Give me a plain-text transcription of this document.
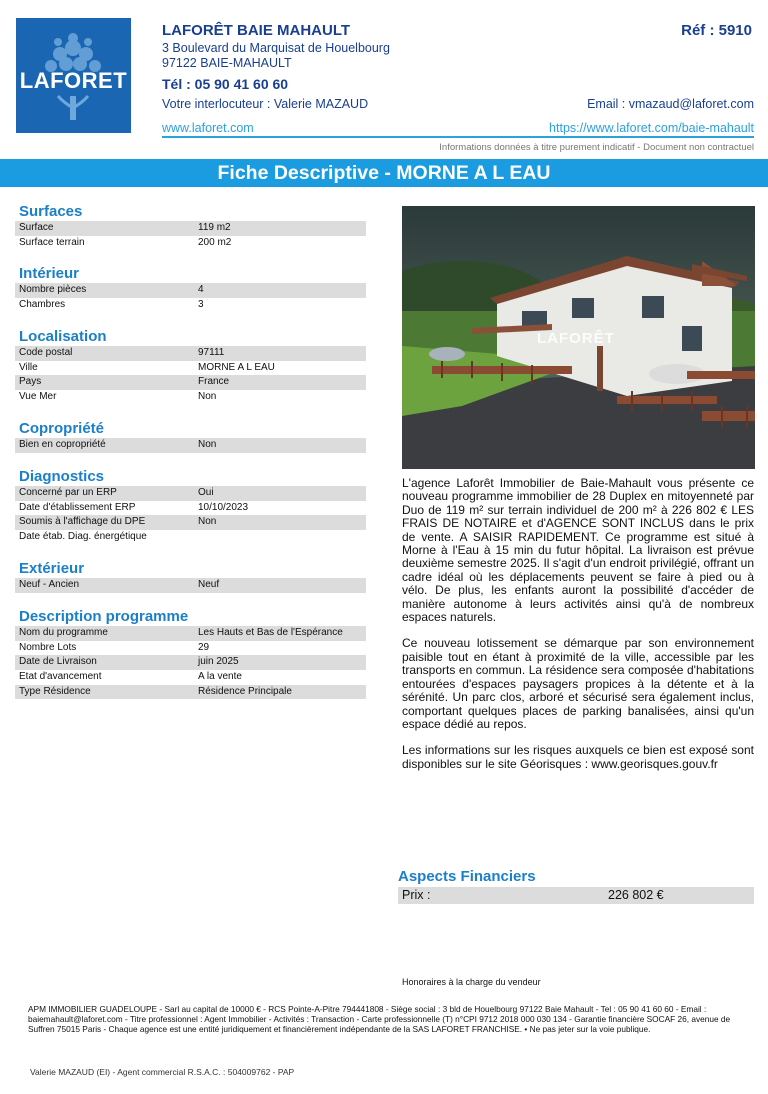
LAFORET
LAFORÊT BAIE MAHAULT	Réf : 5910
3 Boulevard du Marquisat de Houelbourg
97122 BAIE-MAHAULT
Tél : 05 90 41 60 60
Votre interlocuteur : Valerie MAZAUD	Email : vmazaud@laforet.com
www.laforet.com	https://www.laforet.com/baie-mahault
Informations données à titre purement indicatif - Document non contractuel
Fiche Descriptive - MORNE A L EAU
Surfaces
Surface	119 m2
Surface terrain	200 m2
Intérieur
Nombre pièces	4
Chambres	3
Localisation
Code postal	97111
Ville	MORNE A L EAU
Pays	France
Vue Mer	Non
Copropriété
Bien en copropriété	Non
Diagnostics
Concerné par un ERP	Oui
Date d'établissement ERP	10/10/2023
Soumis à l'affichage du DPE	Non
Date étab. Diag. énergétique
Extérieur
Neuf - Ancien	Neuf
Description programme
Nom du programme	Les Hauts et Bas de l'Espérance
Nombre Lots	29
Date de Livraison	juin 2025
Etat d'avancement	A la vente
Type Résidence	Résidence Principale
LAFORÊT

L'agence Laforêt Immobilier de Baie-Mahault vous présente ce nouveau programme immobilier de 28 Duplex en mitoyenneté par Duo de 119 m² sur terrain individuel de 200 m² à 226 802 € LES FRAIS DE NOTAIRE et d'AGENCE SONT INCLUS dans le prix de vente. A SAISIR RAPIDEMENT. Ce programme est situé à Morne à l'Eau à 15 min du futur hôpital. La livraison est prévue deuxième semestre 2025. Il s'agit d'un endroit privilégié, offrant un cadre idéal où les déplacements peuvent se faire à pied ou à vélo. De plus, les enfants auront la possibilité d'accéder de manière autonome à leurs activités ainsi qu'à de nombreux espaces naturels.

Ce nouveau lotissement se démarque par son environnement paisible tout en étant à proximité de la ville, accessible par les transports en commun. La résidence sera composée d'habitations entourées d'espaces paysagers propices à la détente et à la sérénité. Un parc clos, arboré et sécurisé sera également inclus, comportant quelques places de parking banalisées, ainsi qu'un espace dédié au repos.

Les informations sur les risques auxquels ce bien est exposé sont disponibles sur le site Géorisques : www.georisques.gouv.fr

Aspects Financiers
Prix :	226 802 €
Honoraires à la charge du vendeur
APM IMMOBILIER GUADELOUPE - Sarl au capital de 10000 € - RCS Pointe-A-Pitre 794441808 - Siège social : 3 bld de Houelbourg 97122 Baie Mahault - Tel : 05 90 41 60 60 - Email : baiemahault@laforet.com - Titre professionnel : Agent Immobilier - Activités : Transaction - Carte professionnelle (T) n°CPI 9712 2018 000 030 134 - Garantie financière SOCAF 26, avenue de Suffren 75015 Paris - Chaque agence est une entité juridiquement et financièrement indépendante de la SAS LAFORET FRANCHISE. • Ne pas jeter sur la voie publique.
Valerie MAZAUD (EI) - Agent commercial R.S.A.C. : 504009762 - PAP
